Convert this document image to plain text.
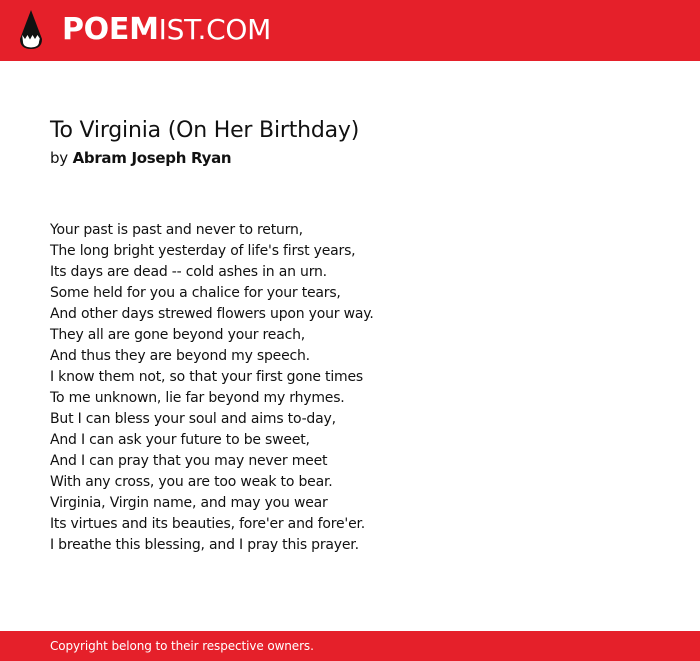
POEMIST.COM
To Virginia (On Her Birthday)
by Abram Joseph Ryan
Your past is past and never to return,
The long bright yesterday of life's first years,
Its days are dead -- cold ashes in an urn.
Some held for you a chalice for your tears,
And other days strewed flowers upon your way.
They all are gone beyond your reach,
And thus they are beyond my speech.
I know them not, so that your first gone times
To me unknown, lie far beyond my rhymes.
But I can bless your soul and aims to-day,
And I can ask your future to be sweet,
And I can pray that you may never meet
With any cross, you are too weak to bear.
Virginia, Virgin name, and may you wear
Its virtues and its beauties, fore'er and fore'er.
I breathe this blessing, and I pray this prayer.
Copyright belong to their respective owners.
